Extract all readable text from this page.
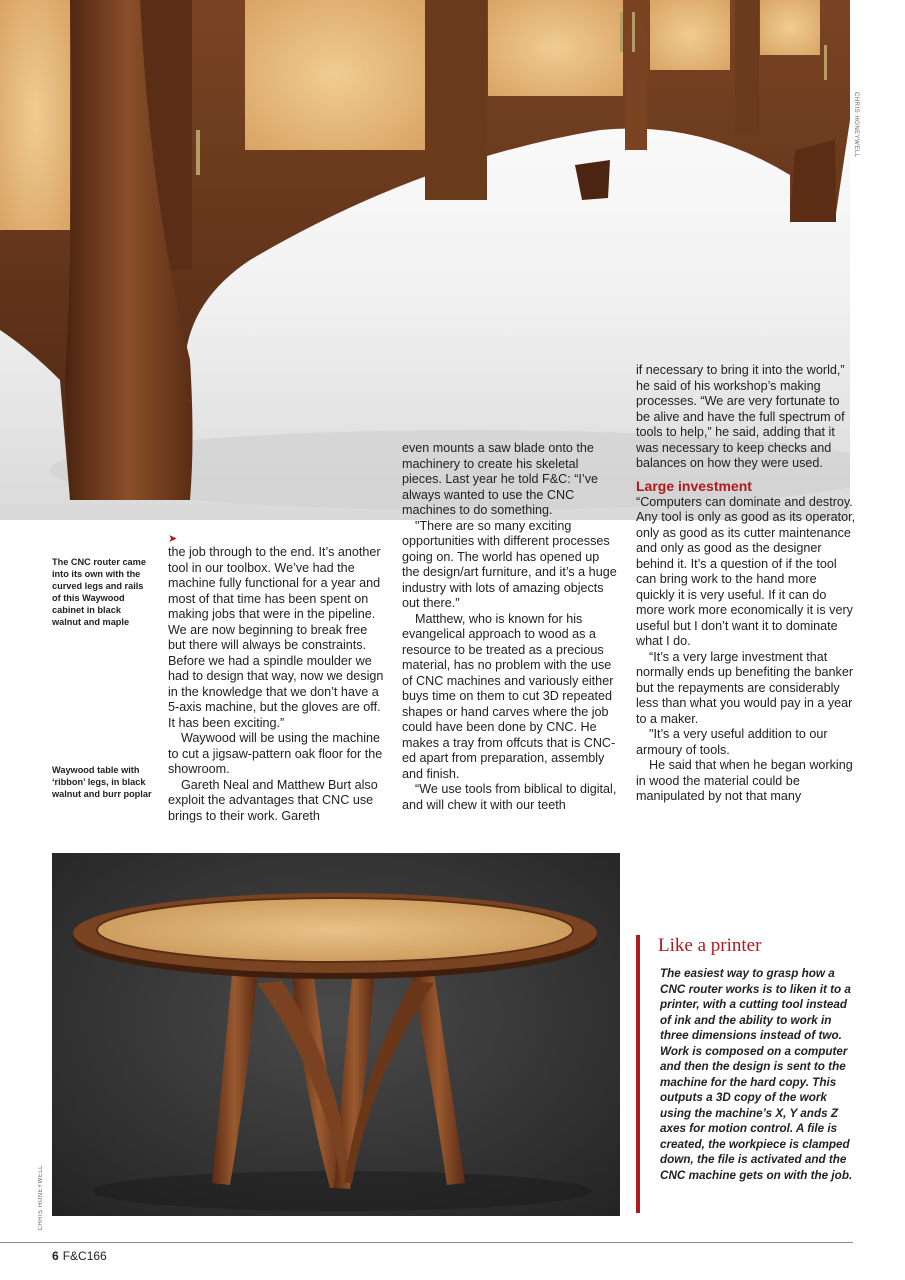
CHRIS HONEYWELL
The CNC router came into its own with the curved legs and rails of this Waywood cabinet in black walnut and maple
Waywood table with ‘ribbon’ legs, in black walnut and burr poplar
➤

the job through to the end. It’s another tool in our toolbox. We’ve had the machine fully functional for a year and most of that time has been spent on making jobs that were in the pipeline. We are now beginning to break free but there will always be constraints. Before we had a spindle moulder we had to design that way, now we design in the knowledge that we don’t have a 5-axis machine, but the gloves are off. It has been exciting.”

Waywood will be using the machine to cut a jigsaw-pattern oak floor for the showroom.

Gareth Neal and Matthew Burt also exploit the advantages that CNC use brings to their work. Gareth

even mounts a saw blade onto the machinery to create his skeletal pieces. Last year he told F&C: “I’ve always wanted to use the CNC machines to do something.

"There are so many exciting opportunities with different processes going on. The world has opened up the design/art furniture, and it’s a huge industry with lots of amazing objects out there."

Matthew, who is known for his evangelical approach to wood as a resource to be treated as a precious material, has no problem with the use of CNC machines and variously either buys time on them to cut 3D repeated shapes or hand carves where the job could have been done by CNC. He makes a tray from offcuts that is CNC-ed apart from preparation, assembly and finish.

“We use tools from biblical to digital, and will chew it with our teeth

if necessary to bring it into the world,” he said of his workshop’s making processes. “We are very fortunate to be alive and have the full spectrum of tools to help,” he said, adding that it was necessary to keep checks and balances on how they were used.

Large investment

“Computers can dominate and destroy. Any tool is only as good as its operator, only as good as its cutter maintenance and only as good as the designer behind it. It’s a question of if the tool can bring work to the hand more quickly it is very useful. If it can do more work more economically it is very useful but I don’t want it to dominate what I do.

“It’s a very large investment that normally ends up benefiting the banker but the repayments are considerably less than what you would pay in a year to a maker.

"It’s a very useful addition to our armoury of tools.

He said that when he began working in wood the material could be manipulated by not that many

CHRIS HONEYWELL
Like a printer
The easiest way to grasp how a CNC router works is to liken it to a printer, with a cutting tool instead of ink and the ability to work in three dimensions instead of two. Work is composed on a computer and then the design is sent to the machine for the hard copy. This outputs a 3D copy of the work using the machine’s X, Y ands Z axes for motion control. A file is created, the workpiece is clamped down, the file is activated and the CNC machine gets on with the job.
6 F&C166
